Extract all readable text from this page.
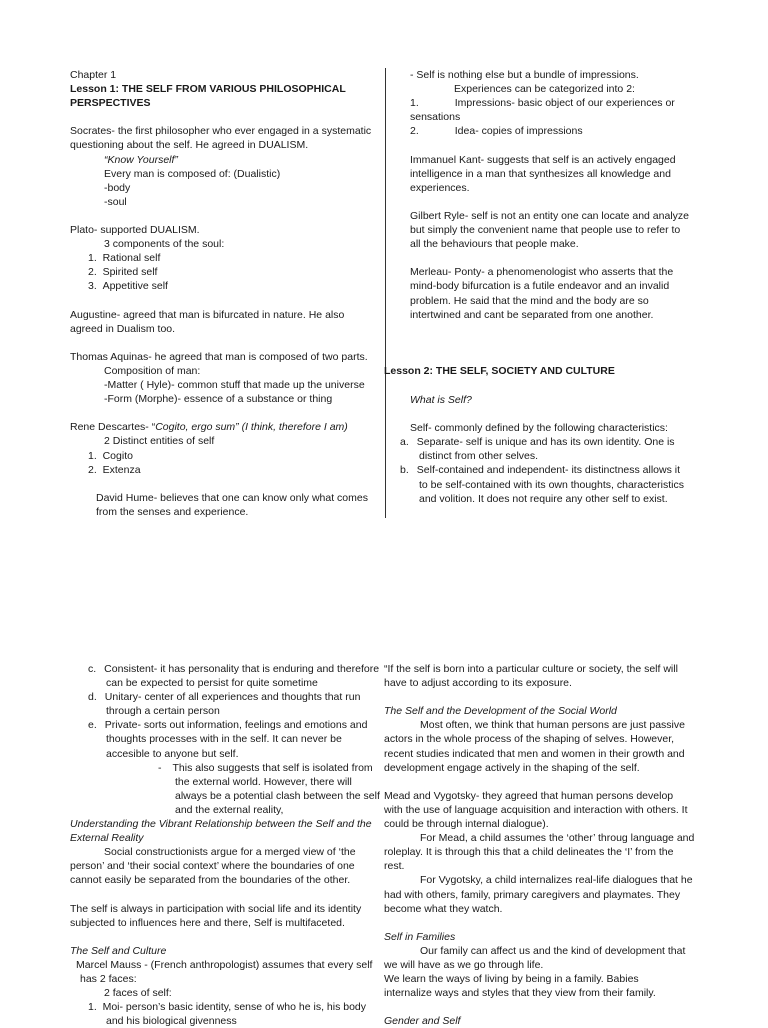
Chapter 1
Lesson 1: THE SELF FROM VARIOUS PHILOSOPHICAL
PERSPECTIVES
Socrates- the first philosopher who ever engaged in a systematic
questioning about the self. He agreed in DUALISM.
“Know Yourself”
Every man is composed of: (Dualistic)
-body
-soul
Plato- supported DUALISM.
3 components of the soul:
1.  Rational self
2.  Spirited self
3.  Appetitive self
Augustine- agreed that man is bifurcated in nature. He also
agreed in Dualism too.
Thomas Aquinas- he agreed that man is composed of two parts.
Composition of man:
-Matter ( Hyle)- common stuff that made up the universe
-Form (Morphe)- essence of a substance or thing
Rene Descartes- “Cogito, ergo sum” (I think, therefore I am)
2 Distinct entities of self
1.  Cogito
2.  Extenza
David Hume- believes that one can know only what comes
from the senses and experience.
- Self is nothing else but a bundle of impressions.
Experiences can be categorized into 2:
1.	Impressions- basic object of our experiences or
sensations
2.	Idea- copies of impressions
Immanuel Kant- suggests that self is an actively engaged
intelligence in a man that synthesizes all knowledge and
experiences.
Gilbert Ryle- self is not an entity one can locate and analyze
but simply the convenient name that people use to refer to
all the behaviours that people make.
Merleau- Ponty- a phenomenologist who asserts that the
mind-body bifurcation is a futile endeavor and an invalid
problem. He said that the mind and the body are so
intertwined and cant be separated from one another.
Lesson 2: THE SELF, SOCIETY AND CULTURE
What is Self?
Self- commonly defined by the following characteristics:
a. Separate- self is unique and has its own identity. One is
distinct from other selves.
b. Self-contained and independent- its distinctness allows it
to be self-contained with its own thoughts, characteristics
and volition. It does not require any other self to exist.
c. Consistent- it has personality that is enduring and therefore
can be expected to persist for quite sometime
d. Unitary- center of all experiences and thoughts that run
through a certain person
e. Private- sorts out information, feelings and emotions and
thoughts processes with in the self. It can never be
accesible to anyone but self.
- This also suggests that self is isolated from
the external world. However, there will
always be a potential clash between the self
and the external reality,
Understanding the Vibrant Relationship between the Self and the
External Reality
Social constructionists argue for a merged view of ‘the
person’ and ‘their social context’ where the boundaries of one
cannot easily be separated from the boundaries of the other.
The self is always in participation with social life and its identity
subjected to influences here and there, Self is multifaceted.
The Self and Culture
Marcel Mauss - (French anthropologist) assumes that every self
has 2 faces:
2 faces of self:
1.  Moi- person’s basic identity, sense of who he is, his body
and his biological givenness
“If the self is born into a particular culture or society, the self will
have to adjust according to its exposure.
The Self and the Development of the Social World
Most often, we think that human persons are just passive
actors in the whole process of the shaping of selves. However,
recent studies indicated that men and women in their growth and
development engage actively in the shaping of the self.
Mead and Vygotsky- they agreed that human persons develop
with the use of language acquisition and interaction with others. It
could be through internal dialogue).
For Mead, a child assumes the ‘other’ throug language and
roleplay. It is through this that a child delineates the ‘I’ from the
rest.
For Vygotsky, a child internalizes real-life dialogues that he
had with others, family, primary caregivers and playmates. They
become what they watch.
Self in Families
Our family can affect us and the kind of development that
we will have as we go through life.
We learn the ways of living by being in a family. Babies
internalize ways and styles that they view from their family.
Gender and Self
